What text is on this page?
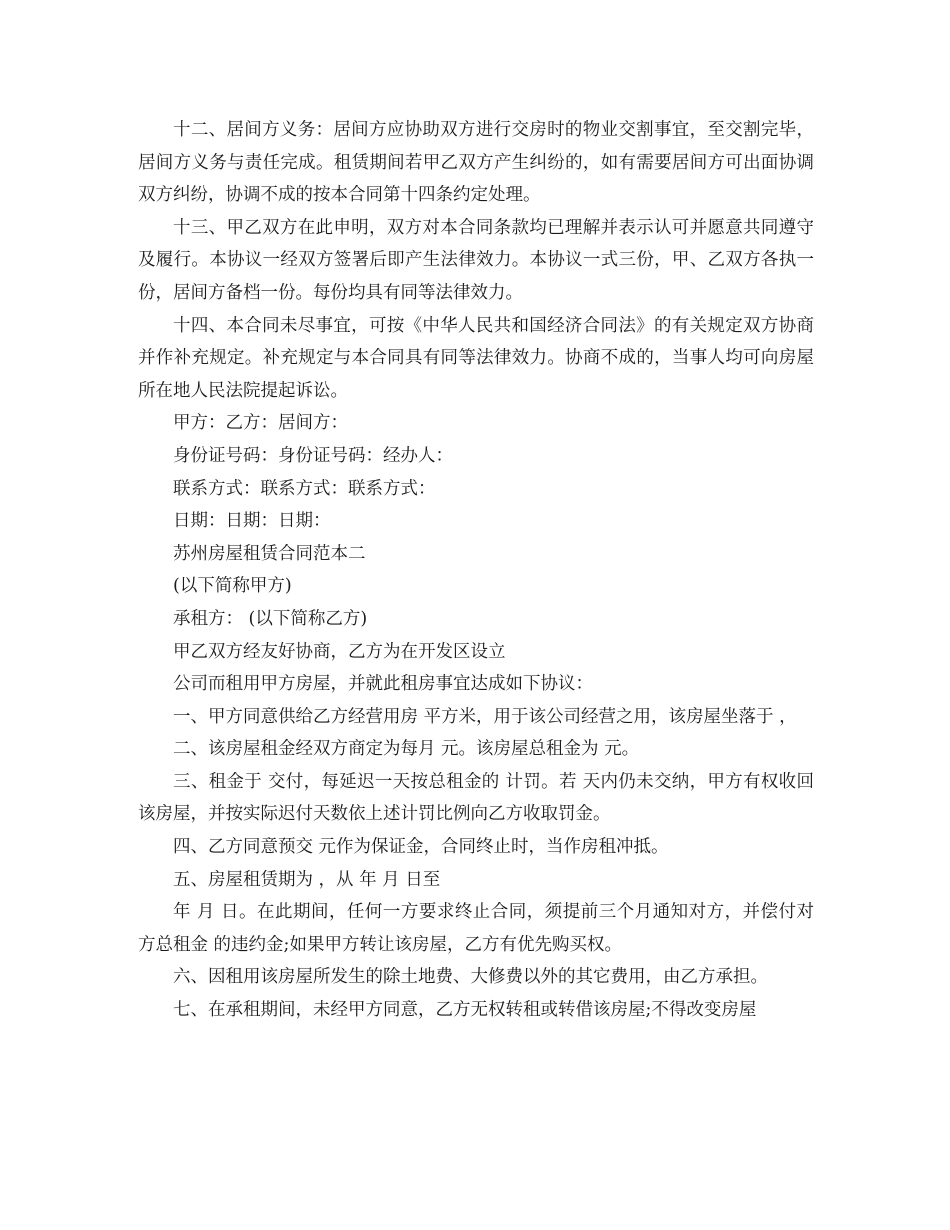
十二、居间方义务：居间方应协助双方进行交房时的物业交割事宜，至交割完毕，居间方义务与责任完成。租赁期间若甲乙双方产生纠纷的，如有需要居间方可出面协调双方纠纷，协调不成的按本合同第十四条约定处理。

十三、甲乙双方在此申明，双方对本合同条款均已理解并表示认可并愿意共同遵守及履行。本协议一经双方签署后即产生法律效力。本协议一式三份，甲、乙双方各执一份，居间方备档一份。每份均具有同等法律效力。

十四、本合同未尽事宜，可按《中华人民共和国经济合同法》的有关规定双方协商并作补充规定。补充规定与本合同具有同等法律效力。协商不成的，当事人均可向房屋所在地人民法院提起诉讼。

甲方：乙方：居间方：

身份证号码：身份证号码：经办人：

联系方式：联系方式：联系方式：

日期：日期：日期：

苏州房屋租赁合同范本二

(以下简称甲方)

承租方： (以下简称乙方)

甲乙双方经友好协商，乙方为在开发区设立

公司而租用甲方房屋，并就此租房事宜达成如下协议：

一、甲方同意供给乙方经营用房 平方米，用于该公司经营之用，该房屋坐落于 ，

二、该房屋租金经双方商定为每月 元。该房屋总租金为 元。

三、租金于 交付，每延迟一天按总租金的 计罚。若 天内仍未交纳，甲方有权收回该房屋，并按实际迟付天数依上述计罚比例向乙方收取罚金。

四、乙方同意预交 元作为保证金，合同终止时，当作房租冲抵。

五、房屋租赁期为 ，从 年 月 日至

年 月 日。在此期间，任何一方要求终止合同，须提前三个月通知对方，并偿付对方总租金 的违约金;如果甲方转让该房屋，乙方有优先购买权。

六、因租用该房屋所发生的除土地费、大修费以外的其它费用，由乙方承担。

七、在承租期间，未经甲方同意，乙方无权转租或转借该房屋;不得改变房屋
